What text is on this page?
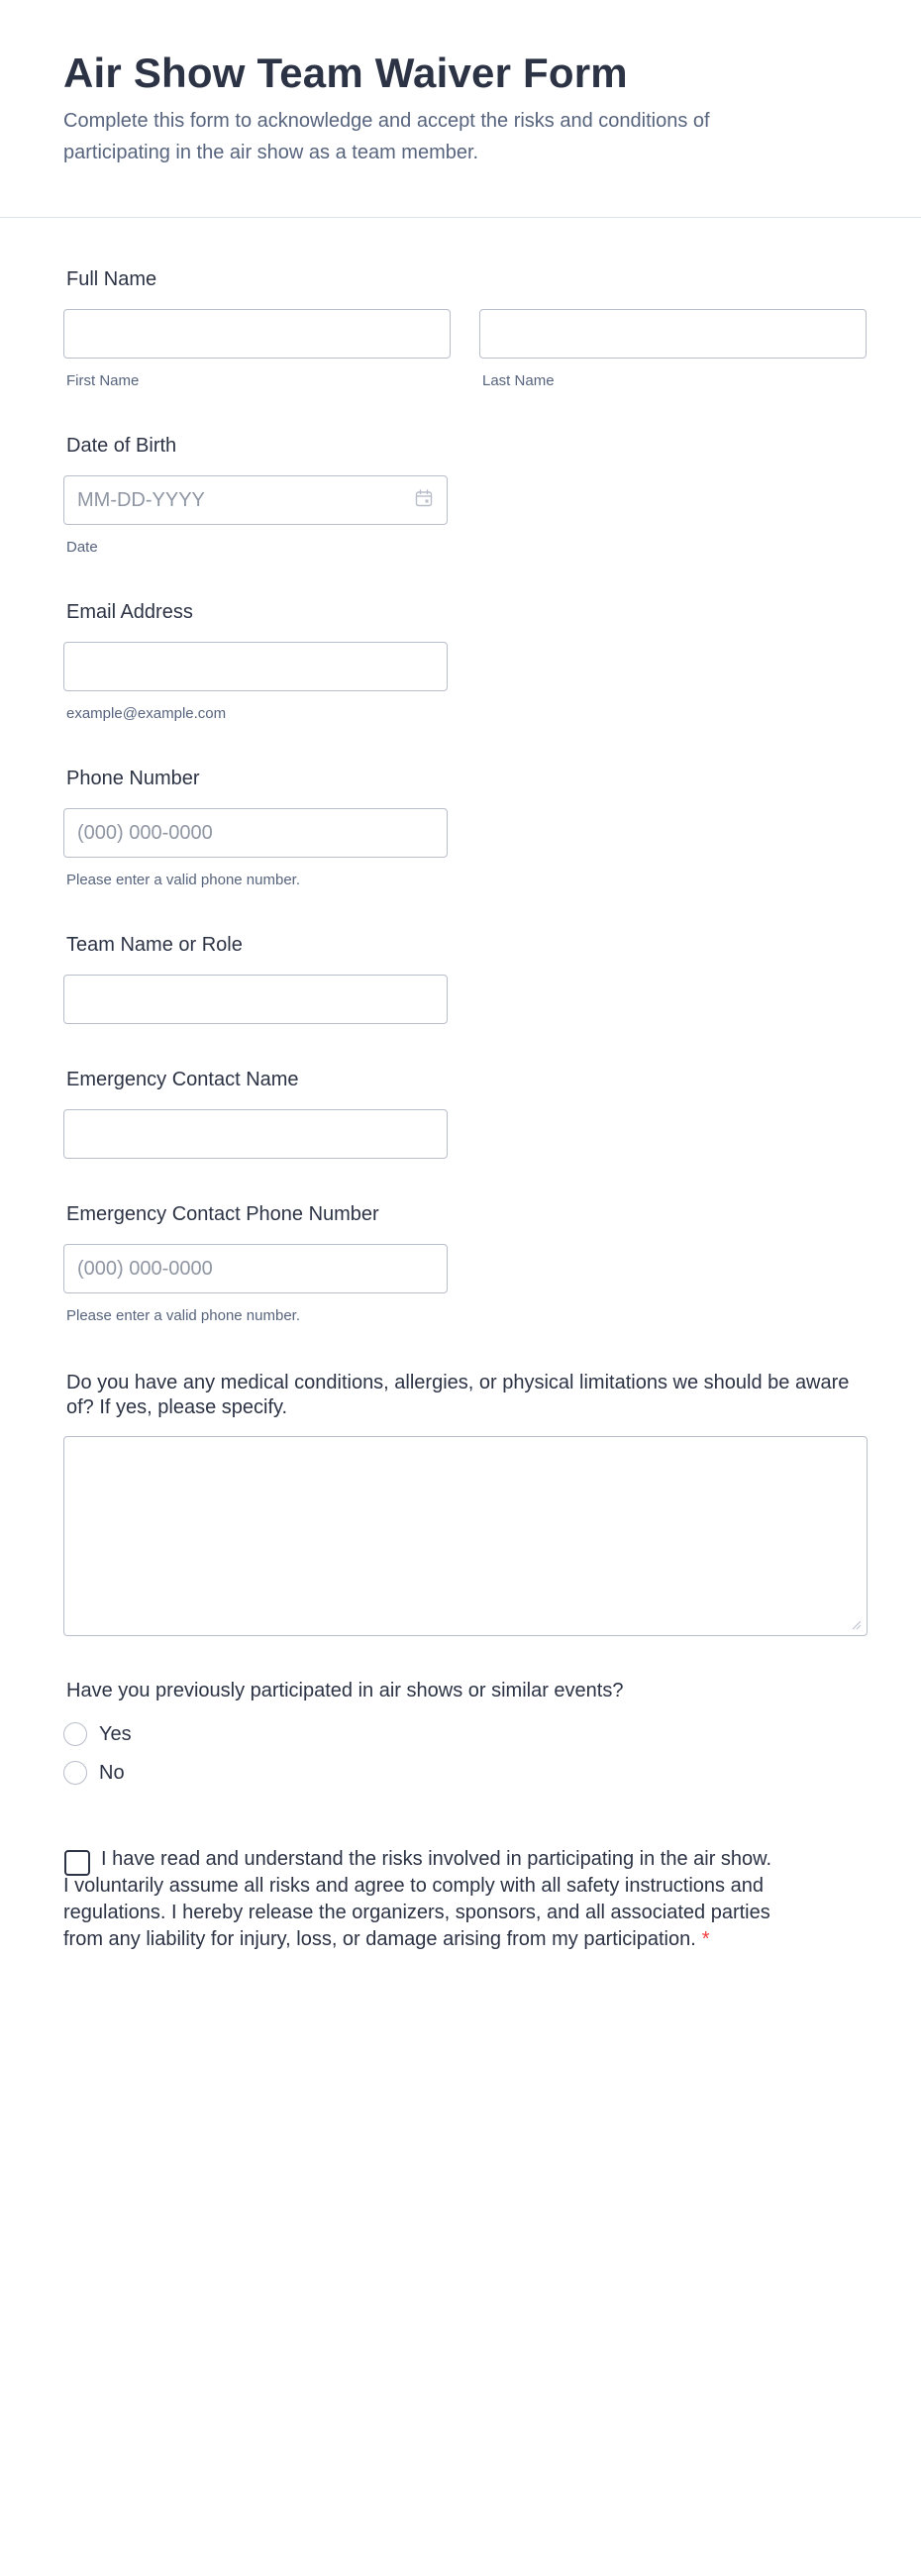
Air Show Team Waiver Form

Complete this form to acknowledge and accept the risks and conditions of participating in the air show as a team member.

Full Name
First Name	Last Name
Date of Birth
MM-DD-YYYY
Date
Email Address
example@example.com
Phone Number
(000) 000-0000
Please enter a valid phone number.
Team Name or Role
Emergency Contact Name
Emergency Contact Phone Number
(000) 000-0000
Please enter a valid phone number.
Do you have any medical conditions, allergies, or physical limitations we should be aware of? If yes, please specify.
Have you previously participated in air shows or similar events?
Yes
No

I have read and understand the risks involved in participating in the air show. I voluntarily assume all risks and agree to comply with all safety instructions and regulations. I hereby release the organizers, sponsors, and all associated parties from any liability for injury, loss, or damage arising from my participation. *
